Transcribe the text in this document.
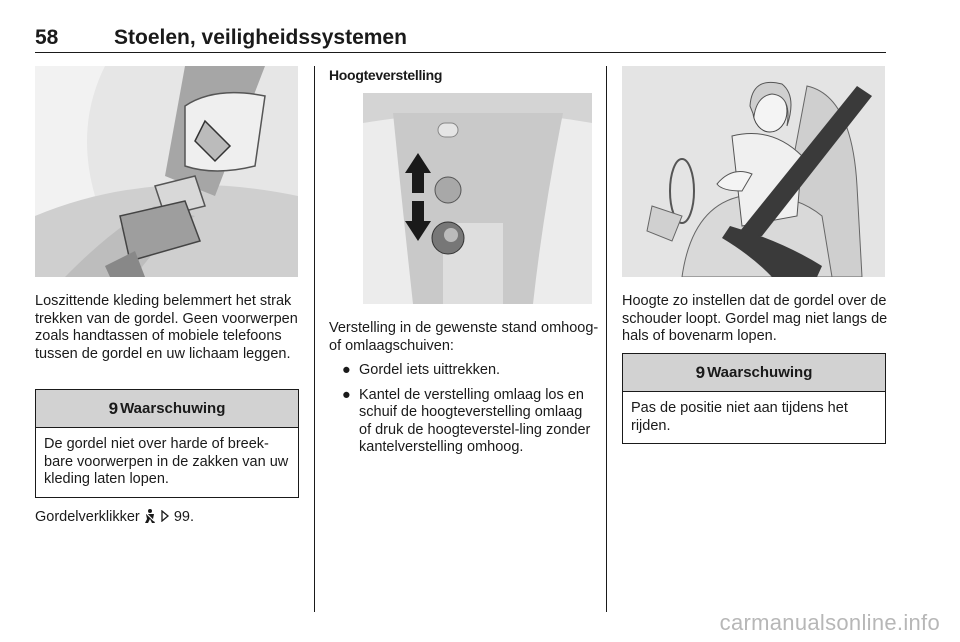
58	Stoelen, veiligheidssystemen
Loszittende kleding belemmert het strak trekken van de gordel. Geen voorwerpen zoals handtassen of mobiele telefoons tussen de gordel en uw lichaam leggen.
9 Waarschuwing
De gordel niet over harde of breek-bare voorwerpen in de zakken van uw kleding laten lopen.
Gordelverklikker 99.
Hoogteverstelling
Verstelling in de gewenste stand omhoog- of omlaagschuiven:
● Gordel iets uittrekken.
● Kantel de verstelling omlaag los en schuif de hoogteverstelling omlaag of druk de hoogteverstel-ling zonder kantelverstelling omhoog.
Hoogte zo instellen dat de gordel over de schouder loopt. Gordel mag niet langs de hals of bovenarm lopen.
9 Waarschuwing
Pas de positie niet aan tijdens het rijden.
carmanualsonline.info
